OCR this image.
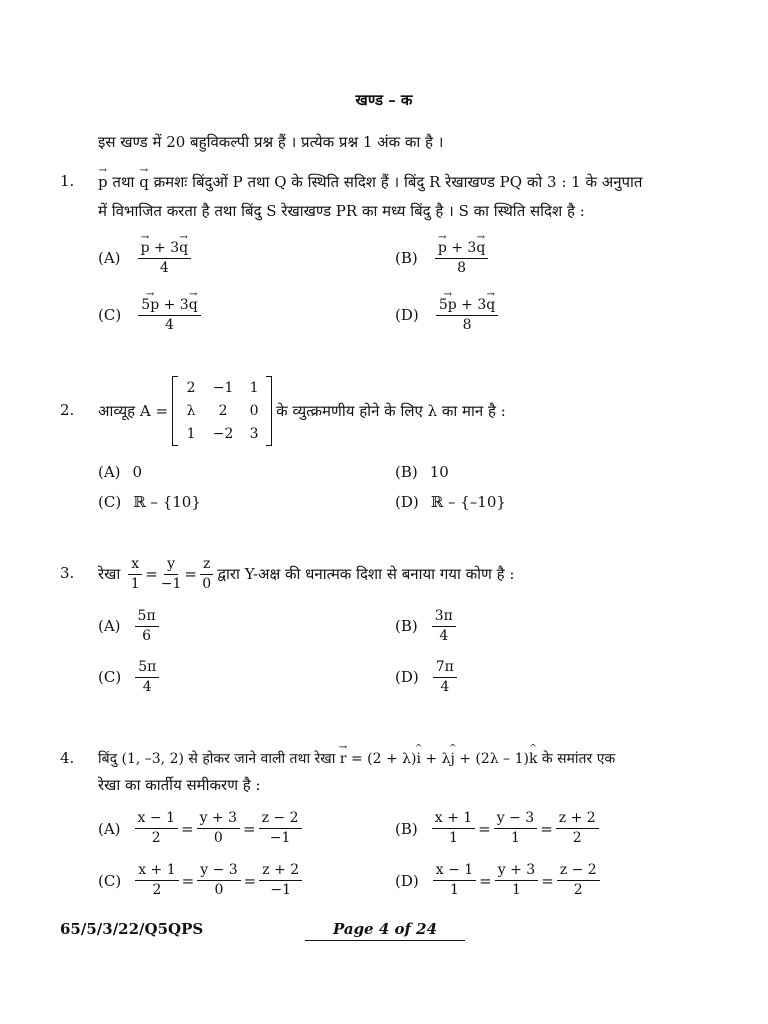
खण्ड – क
इस खण्ड में 20 बहुविकल्पी प्रश्न हैं । प्रत्येक प्रश्न 1 अंक का है ।
1. p → तथा q → क्रमशः बिंदुओं P तथा Q के स्थिति सदिश हैं । बिंदु R रेखाखण्ड PQ को 3 : 1 के अनुपात
में विभाजित करता है तथा बिंदु S रेखाखण्ड PR का मध्य बिंदु है । S का स्थिति सदिश है :
$(A) \frac{p \to + 3q \to}{4}$	$(B) \frac{p \to + 3q \to}{8}$
$(C) \frac{5p \to + 3q \to}{4}$	$(D) \frac{5p \to + 3q \to}{8}$
2. आव्यूह A =
2	−1	1
λ	2	0
1	−2	3
के व्युत्क्रमणीय होने के लिए λ का मान है :
(A) 0	(B) 10
(C) ℝ – {10}	(D) ℝ – {–10}
3. रेखा $\frac{x}{1} = \frac{y}{-1} = \frac{z}{0}$ द्वारा Y-अक्ष की धनात्मक दिशा से बनाया गया कोण है :
$(A) \frac{5\pi}{6}$	$(B) \frac{3\pi}{4}$
$(C) \frac{5\pi}{4}$	$(D) \frac{7\pi}{4}$
4. बिंदु (1, –3, 2) से होकर जाने वाली तथा रेखा r → = (2 + λ)i ^ + λj ^ + (2λ – 1)k ^ के समांतर एक
रेखा का कार्तीय समीकरण है :
$(A) \frac{x - 1}{2} = \frac{y + 3}{0} = \frac{z - 2}{-1}$	$(B) \frac{x + 1}{1} = \frac{y - 3}{1} = \frac{z + 2}{2}$
$(C) \frac{x + 1}{2} = \frac{y - 3}{0} = \frac{z + 2}{-1}$	$(D) \frac{x - 1}{1} = \frac{y + 3}{1} = \frac{z - 2}{2}$
65/5/3/22/Q5QPS	Page 4 of 24
